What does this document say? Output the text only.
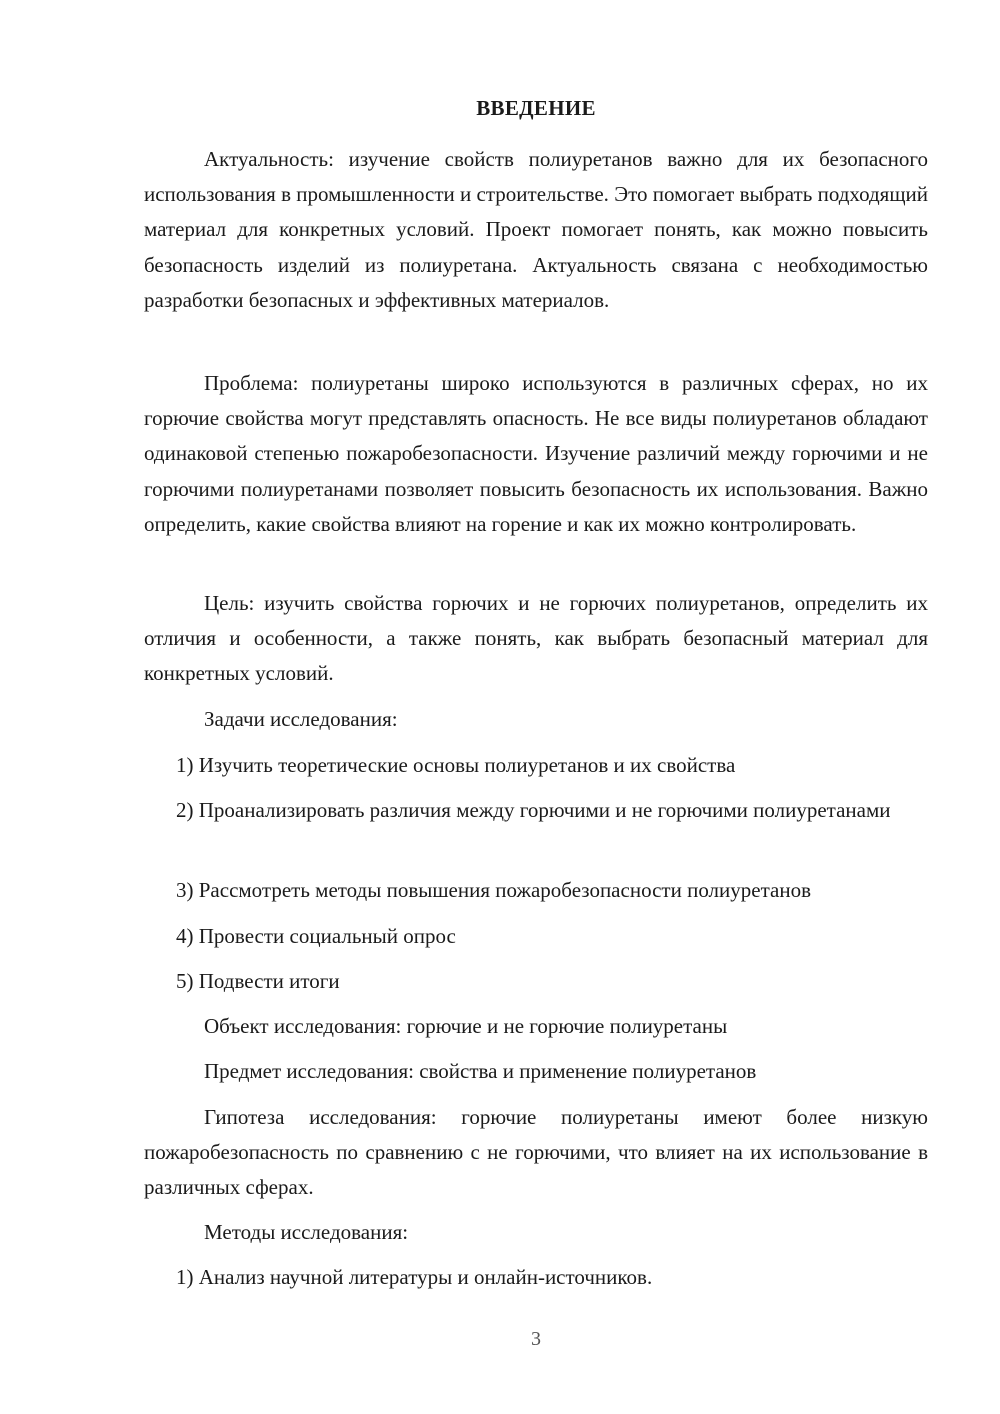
ВВЕДЕНИЕ

Актуальность: изучение свойств полиуретанов важно для их безопасного использования в промышленности и строительстве. Это помогает выбрать подходящий материал для конкретных условий. Проект помогает понять, как можно повысить безопасность изделий из полиуретана. Актуальность связана с необходимостью разработки безопасных и эффективных материалов.

Проблема: полиуретаны широко используются в различных сферах, но их горючие свойства могут представлять опасность. Не все виды полиуретанов обладают одинаковой степенью пожаробезопасности. Изучение различий между горючими и не горючими полиуретанами позволяет повысить безопасность их использования. Важно определить, какие свойства влияют на горение и как их можно контролировать.

Цель: изучить свойства горючих и не горючих полиуретанов, определить их отличия и особенности, а также понять, как выбрать безопасный материал для конкретных условий.

Задачи исследования:

1) Изучить теоретические основы полиуретанов и их свойства

2) Проанализировать различия между горючими и не горючими полиуретанами

3) Рассмотреть методы повышения пожаробезопасности полиуретанов

4) Провести социальный опрос

5) Подвести итоги

Объект исследования: горючие и не горючие полиуретаны

Предмет исследования: свойства и применение полиуретанов

Гипотеза исследования: горючие полиуретаны имеют более низкую пожаробезопасность по сравнению с не горючими, что влияет на их использование в различных сферах.

Методы исследования:

1) Анализ научной литературы и онлайн-источников.

3
